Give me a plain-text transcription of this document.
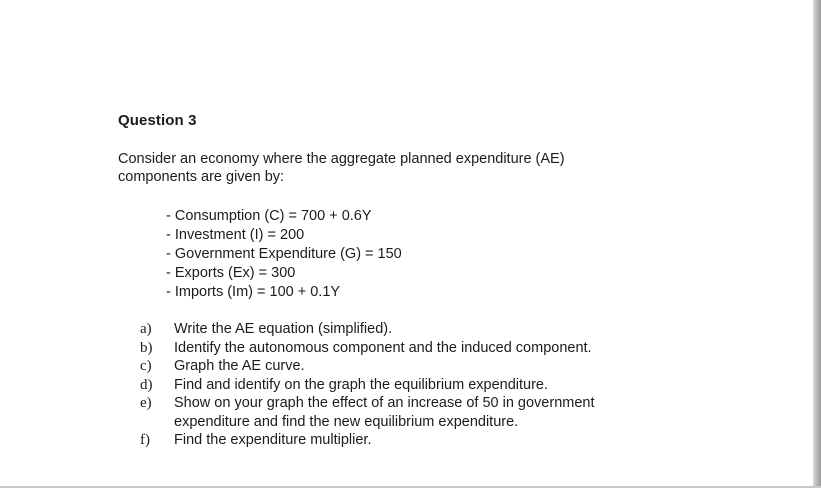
Question 3
Consider an economy where the aggregate planned expenditure (AE)
components are given by:
- Consumption (C) = 700 + 0.6Y
- Investment (I) = 200
- Government Expenditure (G) = 150
- Exports (Ex) = 300
- Imports (Im) = 100 + 0.1Y
a)	Write the AE equation (simplified).
b)	Identify the autonomous component and the induced component.
c)	Graph the AE curve.
d)	Find and identify on the graph the equilibrium expenditure.
e)	Show on your graph the effect of an increase of 50 in government expenditure and find the new equilibrium expenditure.
f)	Find the expenditure multiplier.
